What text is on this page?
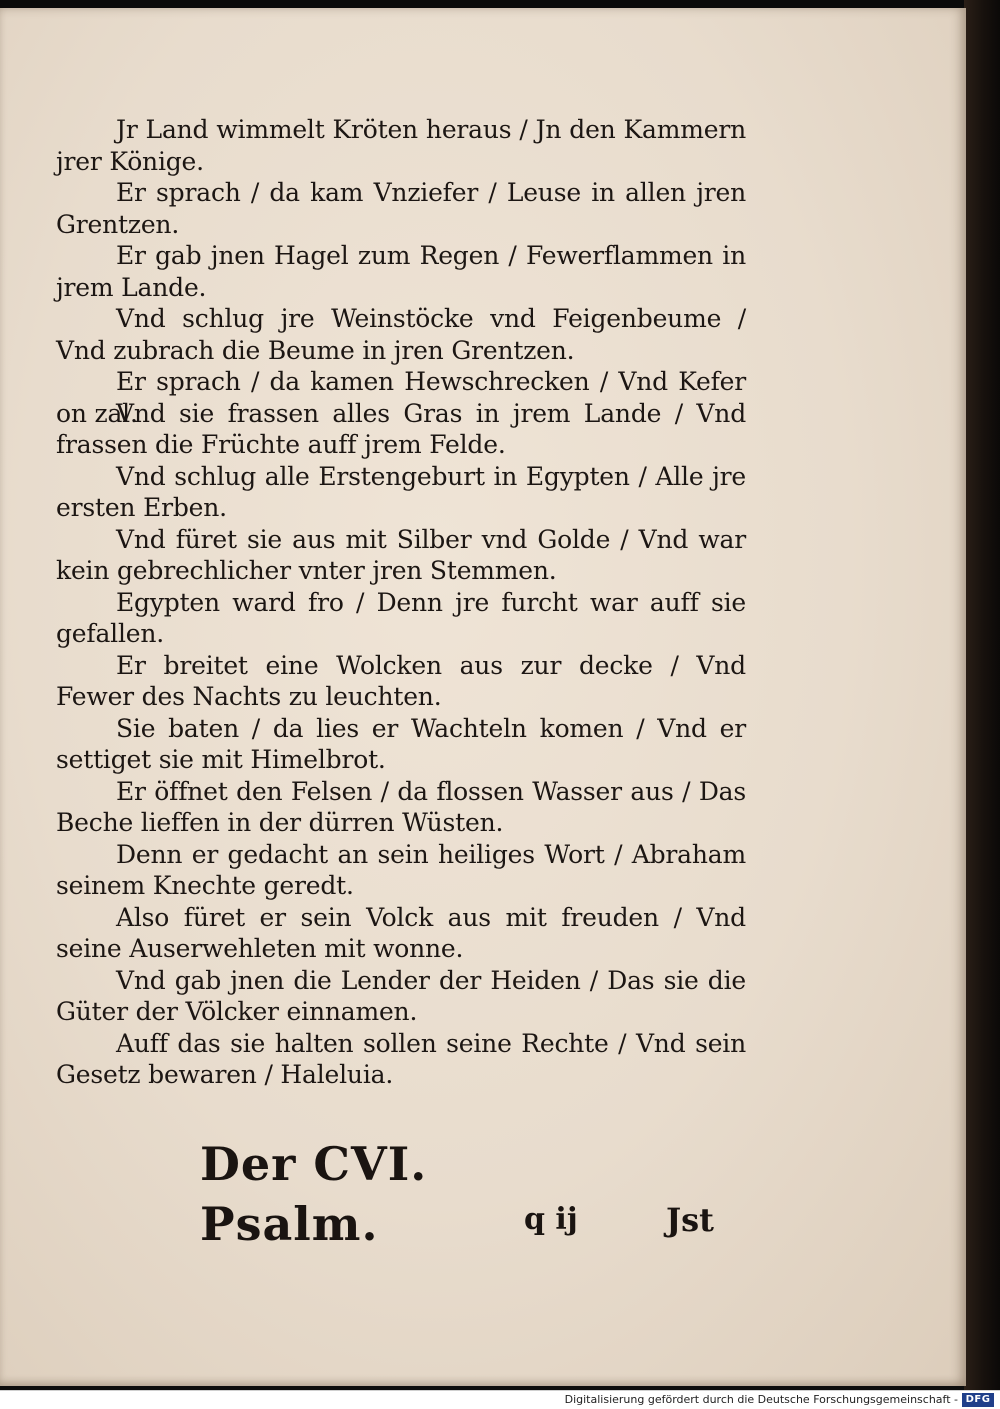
Jr Land wimmelt Kröten heraus / Jn den Kammern jrer Könige.

Er sprach / da kam Vnziefer / Leuse in allen jren Grentzen.

Er gab jnen Hagel zum Regen / Fewerflammen in jrem Lande.

Vnd schlug jre Weinstöcke vnd Feigenbeume / Vnd zubrach die Beume in jren Grentzen.

Er sprach / da kamen Hewschrecken / Vnd Kefer on zal.

Vnd sie frassen alles Gras in jrem Lande / Vnd frassen die Früchte auff jrem Felde.

Vnd schlug alle Erstengeburt in Egypten / Alle jre ersten Erben.

Vnd füret sie aus mit Silber vnd Golde / Vnd war kein gebrechlicher vnter jren Stemmen.

Egypten ward fro / Denn jre furcht war auff sie gefallen.

Er breitet eine Wolcken aus zur decke / Vnd Fewer des Nachts zu leuchten.

Sie baten / da lies er Wachteln komen / Vnd er settiget sie mit Himelbrot.

Er öffnet den Felsen / da flossen Wasser aus / Das Beche lieffen in der dürren Wüsten.

Denn er gedacht an sein heiliges Wort / Abraham seinem Knechte geredt.

Also füret er sein Volck aus mit freuden / Vnd seine Auserwehleten mit wonne.

Vnd gab jnen die Lender der Heiden / Das sie die Güter der Völcker einnamen.

Auff das sie halten sollen seine Rechte / Vnd sein Gesetz bewaren / Haleluia.

Der CVI. Psalm.	q ij	Jst
Digitalisierung gefördert durch die Deutsche Forschungsgemeinschaft - DFG
